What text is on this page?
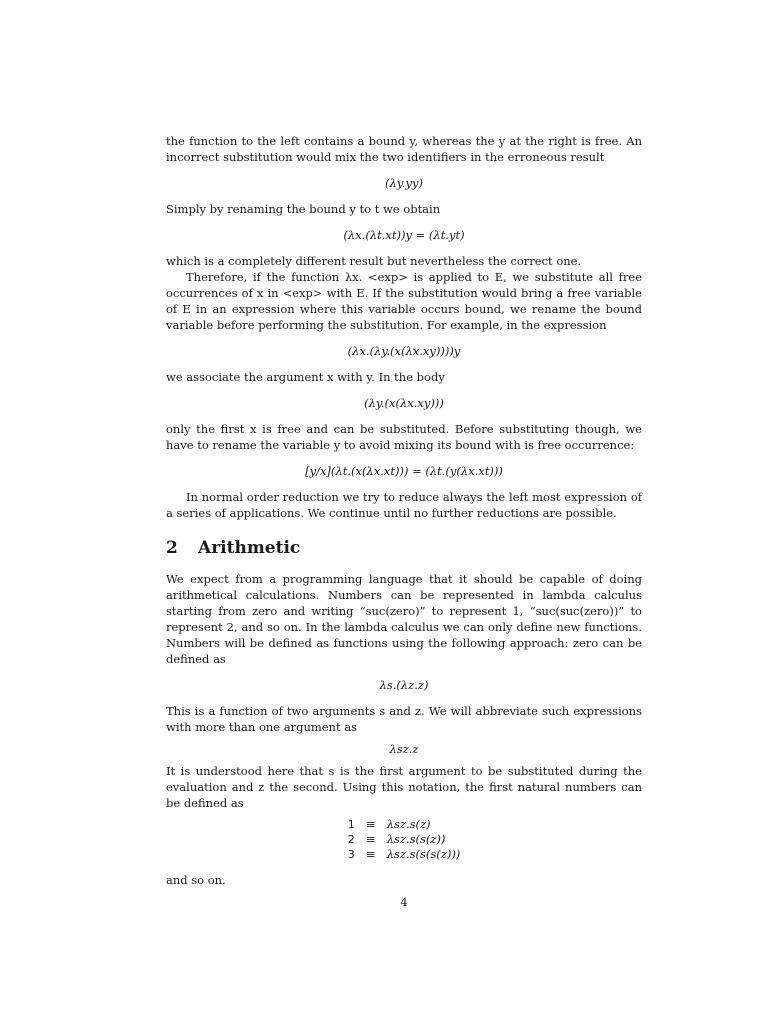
the function to the left contains a bound y, whereas the y at the right is free. An incorrect substitution would mix the two identifiers in the erroneous result

(λy.yy)

Simply by renaming the bound y to t we obtain

(λx.(λt.xt))y = (λt.yt)

which is a completely different result but nevertheless the correct one.

Therefore, if the function λx. <exp> is applied to E, we substitute all free occurrences of x in <exp> with E. If the substitution would bring a free variable of E in an expression where this variable occurs bound, we rename the bound variable before performing the substitution. For example, in the expression

(λx.(λy.(x(λx.xy))))y

we associate the argument x with y. In the body

(λy.(x(λx.xy)))

only the first x is free and can be substituted. Before substituting though, we have to rename the variable y to avoid mixing its bound with is free occurrence:

[y/x](λt.(x(λx.xt))) = (λt.(y(λx.xt)))

In normal order reduction we try to reduce always the left most expression of a series of applications. We continue until no further reductions are possible.

2 Arithmetic

We expect from a programming language that it should be capable of doing arithmetical calculations. Numbers can be represented in lambda calculus starting from zero and writing “suc(zero)” to represent 1, “suc(suc(zero))” to represent 2, and so on. In the lambda calculus we can only define new functions. Numbers will be defined as functions using the following approach: zero can be defined as

λs.(λz.z)

This is a function of two arguments s and z. We will abbreviate such expressions with more than one argument as

λsz.z

It is understood here that s is the first argument to be substituted during the evaluation and z the second. Using this notation, the first natural numbers can be defined as

1	≡	λsz.s(z)
2	≡	λsz.s(s(z))
3	≡	λsz.s(s(s(z)))

and so on.

4
